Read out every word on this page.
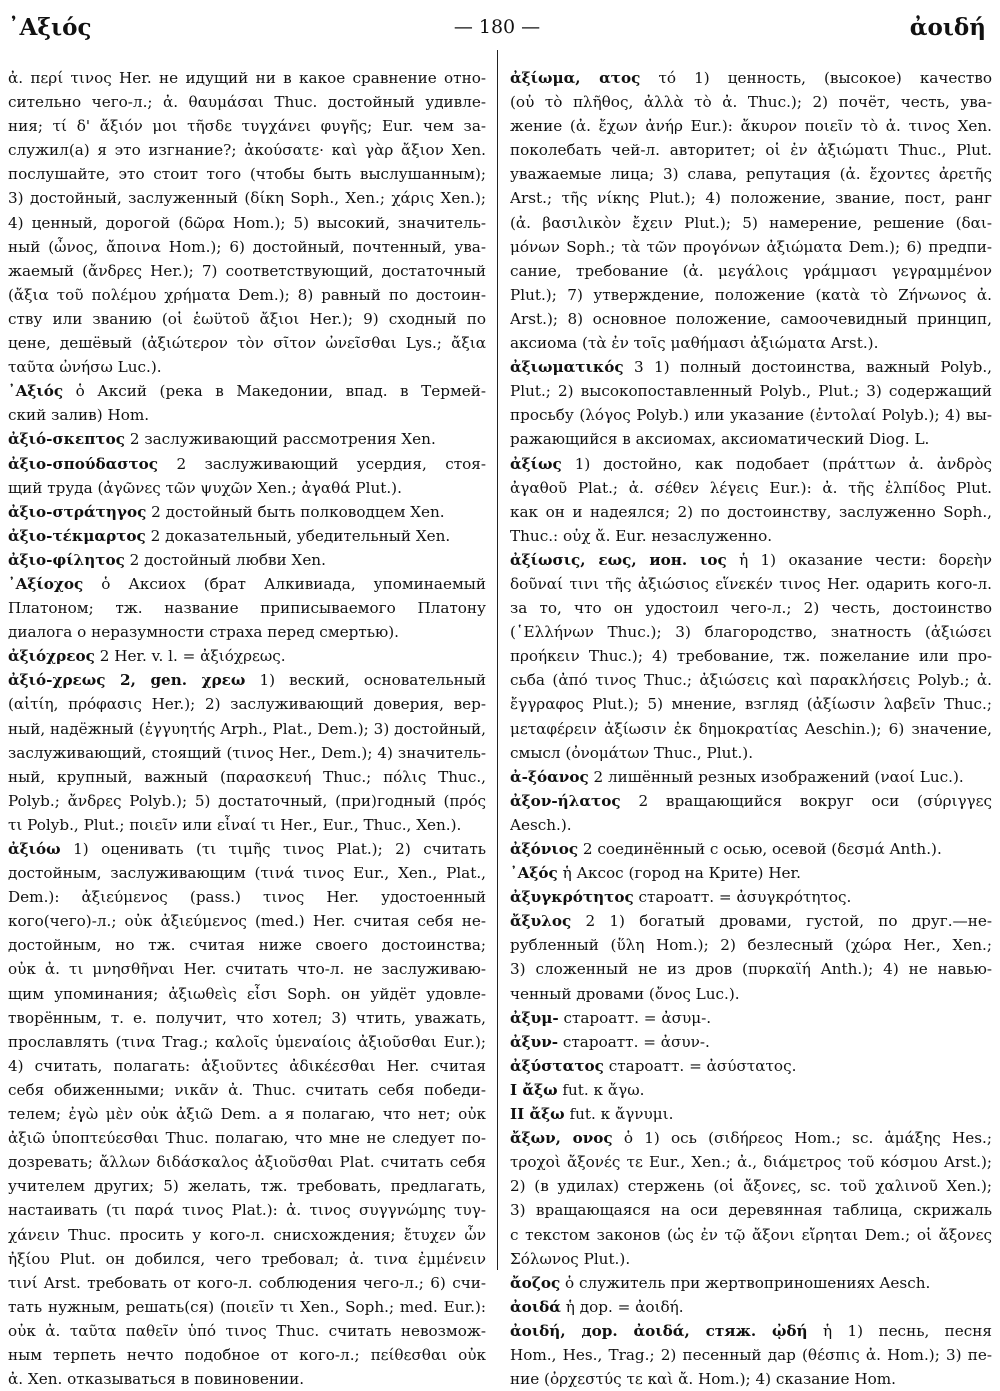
᾿Αξιός	— 180 —	ἀοιδή
ἀ. περί τινος Her. не идущий ни в какое сравнение отно-
сительно чего-л.; ἀ. θαυμάσαι Thuc. достойный удивле-
ния; τί δ' ἄξιόν μοι τῆσδε τυγχάνει φυγῆς; Eur. чем за-
служил(а) я это изгнание?; ἀκούσατε· καὶ γὰρ ἄξιον Xen.
послушайте, это стоит того (чтобы быть выслушанным);
3) достойный, заслуженный (δίκη Soph., Xen.; χάρις Xen.);
4) ценный, дорогой (δῶρα Hom.); 5) высокий, значитель-
ный (ὦνος, ἄποινα Hom.); 6) достойный, почтенный, ува-
жаемый (ἄνδρες Her.); 7) соответствующий, достаточный
(ἄξια τοῦ πολέμου χρήματα Dem.); 8) равный по достоин-
ству или званию (οἱ ἑωϋτοῦ ἄξιοι Her.); 9) сходный по
цене, дешёвый (ἀξιώτερον τὸν σῖτον ὠνεῖσθαι Lys.; ἄξια
ταῦτα ὠνήσω Luc.).
᾿Αξιός ὁ Аксий (река в Македонии, впад. в Термей-
ский залив) Hom.
ἀξιό-σκεπτος 2 заслуживающий рассмотрения Xen.
ἀξιο-σπούδαστος 2 заслуживающий усердия, стоя-
щий труда (ἀγῶνες τῶν ψυχῶν Xen.; ἀγαθά Plut.).
ἀξιο-στράτηγος 2 достойный быть полководцем Xen.
ἀξιο-τέκμαρτος 2 доказательный, убедительный Xen.
ἀξιο-φίλητος 2 достойный любви Xen.
᾿Αξίοχος ὁ Аксиох (брат Алкивиада, упоминаемый
Платоном; тж. название приписываемого Платону
диалога о неразумности страха перед смертью).
ἀξιόχρεος 2 Her. v. l. = ἀξιόχρεως.
ἀξιό-χρεως 2, gen. χρεω 1) веский, основательный
(αἰτίη, πρόφασις Her.); 2) заслуживающий доверия, вер-
ный, надёжный (ἐγγυητής Arph., Plat., Dem.); 3) достойный,
заслуживающий, стоящий (τινος Her., Dem.); 4) значитель-
ный, крупный, важный (παρασκευή Thuc.; πόλις Thuc.,
Polyb.; ἄνδρες Polyb.); 5) достаточный, (при)годный (πρός
τι Polyb., Plut.; ποιεῖν или εἶναί τι Her., Eur., Thuc., Xen.).
ἀξιόω 1) оценивать (τι τιμῆς τινος Plat.); 2) считать
достойным, заслуживающим (τινά τινος Eur., Xen., Plat.,
Dem.): ἀξιεύμενος (pass.) τινος Her. удостоенный
кого(чего)-л.; οὐκ ἀξιεύμενος (med.) Her. считая себя не-
достойным, но тж. считая ниже своего достоинства;
οὐκ ἀ. τι μνησθῆναι Her. считать что-л. не заслуживаю-
щим упоминания; ἀξιωθεὶς εἶσι Soph. он уйдёт удовле-
творённым, т. е. получит, что хотел; 3) чтить, уважать,
прославлять (τινα Trag.; καλοῖς ὑμεναίοις ἀξιοῦσθαι Eur.);
4) считать, полагать: ἀξιοῦντες ἀδικέεσθαι Her. считая
себя обиженными; νικᾶν ἀ. Thuc. считать себя победи-
телем; ἐγὼ μὲν οὐκ ἀξιῶ Dem. а я полагаю, что нет; οὐκ
ἀξιῶ ὑποπτεύεσθαι Thuc. полагаю, что мне не следует по-
дозревать; ἄλλων διδάσκαλος ἀξιοῦσθαι Plat. считать себя
учителем других; 5) желать, тж. требовать, предлагать,
настаивать (τι παρά τινος Plat.): ἀ. τινος συγγνώμης τυγ-
χάνειν Thuc. просить у кого-л. снисхождения; ἔτυχεν ὧν
ἠξίου Plut. он добился, чего требовал; ἀ. τινα ἐμμένειν
τινί Arst. требовать от кого-л. соблюдения чего-л.; 6) счи-
тать нужным, решать(ся) (ποιεῖν τι Xen., Soph.; med. Eur.):
οὐκ ἀ. ταῦτα παθεῖν ὑπό τινος Thuc. считать невозмож-
ным терпеть нечто подобное от кого-л.; πείθεσθαι οὐκ
ἀ. Xen. отказываться в повиновении.
ἀξίωμα, ατος τό 1) ценность, (высокое) качество
(οὐ τὸ πλῆθος, ἀλλὰ τὸ ἀ. Thuc.); 2) почёт, честь, ува-
жение (ἀ. ἔχων ἀνήρ Eur.): ἄκυρον ποιεῖν τὸ ἀ. τινος Xen.
поколебать чей-л. авторитет; οἱ ἐν ἀξιώματι Thuc., Plut.
уважаемые лица; 3) слава, репутация (ἀ. ἔχοντες ἀρετῆς
Arst.; τῆς νίκης Plut.); 4) положение, звание, пост, ранг
(ἀ. βασιλικὸν ἔχειν Plut.); 5) намерение, решение (δαι-
μόνων Soph.; τὰ τῶν προγόνων ἀξιώματα Dem.); 6) предпи-
сание, требование (ἀ. μεγάλοις γράμμασι γεγραμμένον
Plut.); 7) утверждение, положение (κατὰ τὸ Ζήνωνος ἀ.
Arst.); 8) основное положение, самоочевидный принцип,
аксиома (τὰ ἐν τοῖς μαθήμασι ἀξιώματα Arst.).
ἀξιωματικός 3 1) полный достоинства, важный Polyb.,
Plut.; 2) высокопоставленный Polyb., Plut.; 3) содержащий
просьбу (λόγος Polyb.) или указание (ἐντολαί Polyb.); 4) вы-
ражающийся в аксиомах, аксиоматический Diog. L.
ἀξίως 1) достойно, как подобает (πράττων ἀ. ἀνδρὸς
ἀγαθοῦ Plat.; ἀ. σέθεν λέγεις Eur.): ἀ. τῆς ἐλπίδος Plut.
как он и надеялся; 2) по достоинству, заслуженно Soph.,
Thuc.: οὐχ ἄ. Eur. незаслуженно.
ἀξίωσις, εως, ион. ιος ἡ 1) оказание чести: δορεὴν
δοῦναί τινι τῆς ἀξιώσιος εἵνεκέν τινος Her. одарить кого-л.
за то, что он удостоил чего-л.; 2) честь, достоинство
(῾Ελλήνων Thuc.); 3) благородство, знатность (ἀξιώσει
προήκειν Thuc.); 4) требование, тж. пожелание или про-
сьба (ἀπό τινος Thuc.; ἀξιώσεις καὶ παρακλήσεις Polyb.; ἀ.
ἔγγραφος Plut.); 5) мнение, взгляд (ἀξίωσιν λαβεῖν Thuc.;
μεταφέρειν ἀξίωσιν ἐκ δημοκρατίας Aeschin.); 6) значение,
смысл (ὀνομάτων Thuc., Plut.).
ἀ-ξόανος 2 лишённый резных изображений (ναοί Luc.).
ἀξον-ήλατος 2 вращающийся вокруг оси (σύριγγες
Aesch.).
ἀξόνιος 2 соединённый с осью, осевой (δεσμά Anth.).
᾿Αξός ἡ Аксос (город на Крите) Her.
ἀξυγκρότητος староатт. = ἀσυγκρότητος.
ἄξυλος 2 1) богатый дровами, густой, по друг.—не-
рубленный (ὕλη Hom.); 2) безлесный (χώρα Her., Xen.;
3) сложенный не из дров (πυρκαϊή Anth.); 4) не навью-
ченный дровами (ὄνος Luc.).
ἀξυμ- староатт. = ἀσυμ-.
ἀξυν- староатт. = ἀσυν-.
ἀξύστατος староатт. = ἀσύστατος.
I ἄξω fut. к ἄγω.
II ἄξω fut. к ἄγνυμι.
ἄξων, ονος ὁ 1) ось (σιδήρεος Hom.; sc. ἁμάξης Hes.;
τροχοὶ ἄξονές τε Eur., Xen.; ἀ., διάμετρος τοῦ κόσμου Arst.);
2) (в удилах) стержень (οἱ ἄξονες, sc. τοῦ χαλινοῦ Xen.);
3) вращающаяся на оси деревянная таблица, скрижаль
с текстом законов (ὡς ἐν τῷ ἄξονι εἴρηται Dem.; οἱ ἄξονες
Σόλωνος Plut.).
ἄοζος ὁ служитель при жертвоприношениях Aesch.
ἀοιδά ἡ дор. = ἀοιδή.
ἀοιδή, дор. ἀοιδά, стяж. ᾠδή ἡ 1) песнь, песня
Hom., Hes., Trag.; 2) песенный дар (θέσπις ἀ. Hom.); 3) пе-
ние (ὀρχεστύς τε καὶ ἄ. Hom.); 4) сказание Hom.
